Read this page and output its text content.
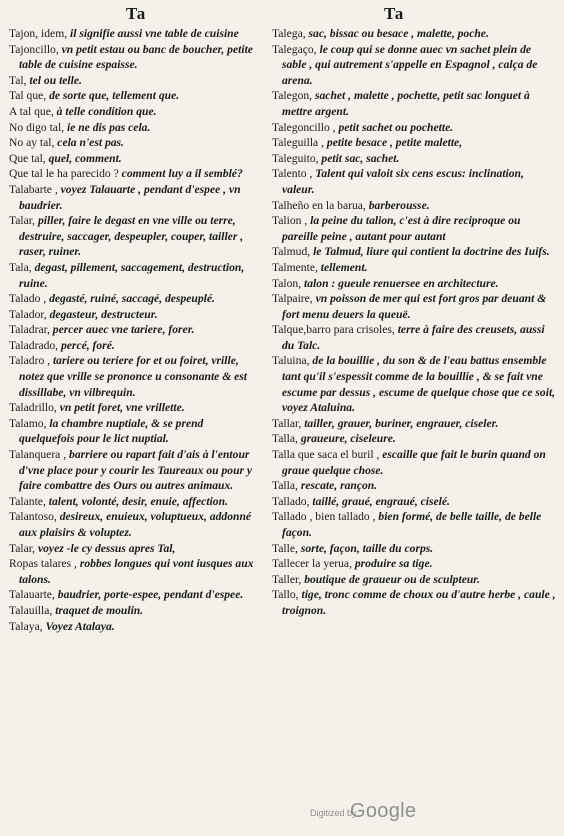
Ta	Ta

Tajon, idem, il signifie aussi vne table de cuisine

Tajoncillo, vn petit estau ou banc de boucher, petite table de cuisine espaisse.

Tal, tel ou telle.

Tal que, de sorte que, tellement que.

A tal que, à telle condition que.

No digo tal, ie ne dis pas cela.

No ay tal, cela n'est pas.

Que tal, quel, comment.

Que tal le ha parecido ? comment luy a il semblé?

Talabarte , voyez Talauarte , pendant d'espee , vn baudrier.

Talar, piller, faire le degast en vne ville ou terre, destruire, saccager, despeupler, couper, tailler , raser, ruiner.

Tala, degast, pillement, saccagement, destruction, ruine.

Talado , degasté, ruiné, saccagé, despeuplé.

Talador, degasteur, destructeur.

Taladrar, percer auec vne tariere, forer.

Taladrado, percé, foré.

Taladro , tariere ou teriere for et ou foiret, vrille, notez que vrille se prononce u consonante & est dissillabe, vn vilbrequin.

Taladrillo, vn petit foret, vne vrillette.

Talamo, la chambre nuptiale, & se prend quelquefois pour le lict nuptial.

Talanquera , barriere ou rapart fait d'ais à l'entour d'vne place pour y courir les Taureaux ou pour y faire combattre des Ours ou autres animaux.

Talante, talent, volonté, desir, enuie, affection.

Talantoso, desireux, enuieux, voluptueux, addonné aux plaisirs & voluptez.

Talar, voyez -le cy dessus apres Tal,

Ropas talares , robbes longues qui vont iusques aux talons.

Talauarte, baudrier, porte-espee, pendant d'espee.

Talauilla, traquet de moulin.

Talaya, Voyez Atalaya.

Talega, sac, bissac ou besace , malette, poche.

Talegaço, le coup qui se donne auec vn sachet plein de sable , qui autrement s'appelle en Espagnol , calça de arena.

Talegon, sachet , malette , pochette, petit sac longuet à mettre argent.

Talegoncillo , petit sachet ou pochette.

Taleguilla , petite besace , petite malette,

Taleguito, petit sac, sachet.

Talento , Talent qui valoit six cens escus: inclination, valeur.

Talheño en la barua, barberousse.

Talion , la peine du talion, c'est à dire reciproque ou pareille peine , autant pour autant

Talmud, le Talmud, liure qui contient la doctrine des Iuifs.

Talmente, tellement.

Talon, talon : gueule renuersee en architecture.

Talpaire, vn poisson de mer qui est fort gros par deuant & fort menu deuers la queuë.

Talque,barro para crisoles, terre à faire des creusets, aussi du Talc.

Taluina, de la bouillie , du son & de l'eau battus ensemble tant qu'il s'espessit comme de la bouillie , & se fait vne escume par dessus , escume de quelque chose que ce soit, voyez Ataluina.

Tallar, tailler, grauer, buriner, engrauer, ciseler.

Talla, graueure, ciseleure.

Talla que saca el buril , escaille que fait le burin quand on graue quelque chose.

Talla, rescate, rançon.

Tallado, taillé, graué, engraué, ciselé.

Tallado , bien tallado , bien formé, de belle taille, de belle façon.

Talle, sorte, façon, taille du corps.

Tallecer la yerua, produire sa tige.

Taller, boutique de graueur ou de sculpteur.

Tallo, tige, tronc comme de choux ou d'autre herbe , caule , troignon.

Digitized by
Google
